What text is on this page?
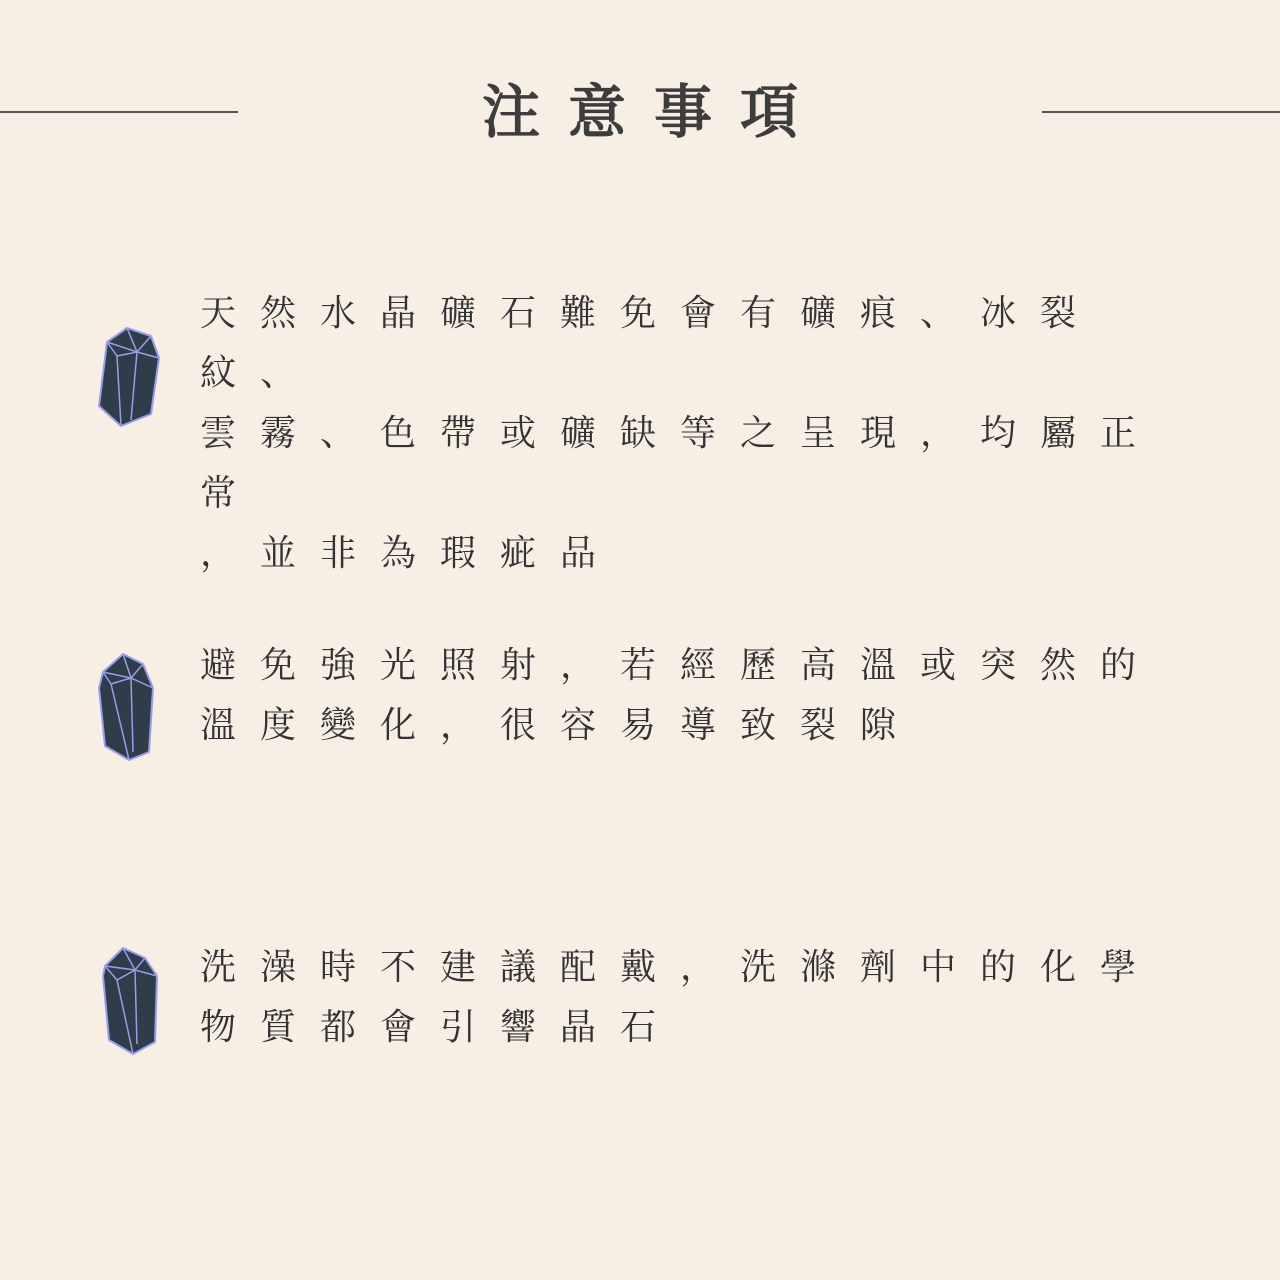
注意事項
天然水晶礦石難免會有礦痕、冰裂紋、
雲霧、色帶或礦缺等之呈現，均屬正常
，並非為瑕疵品
避免強光照射，若經歷高溫或突然的
溫度變化，很容易導致裂隙
洗澡時不建議配戴，洗滌劑中的化學
物質都會引響晶石
